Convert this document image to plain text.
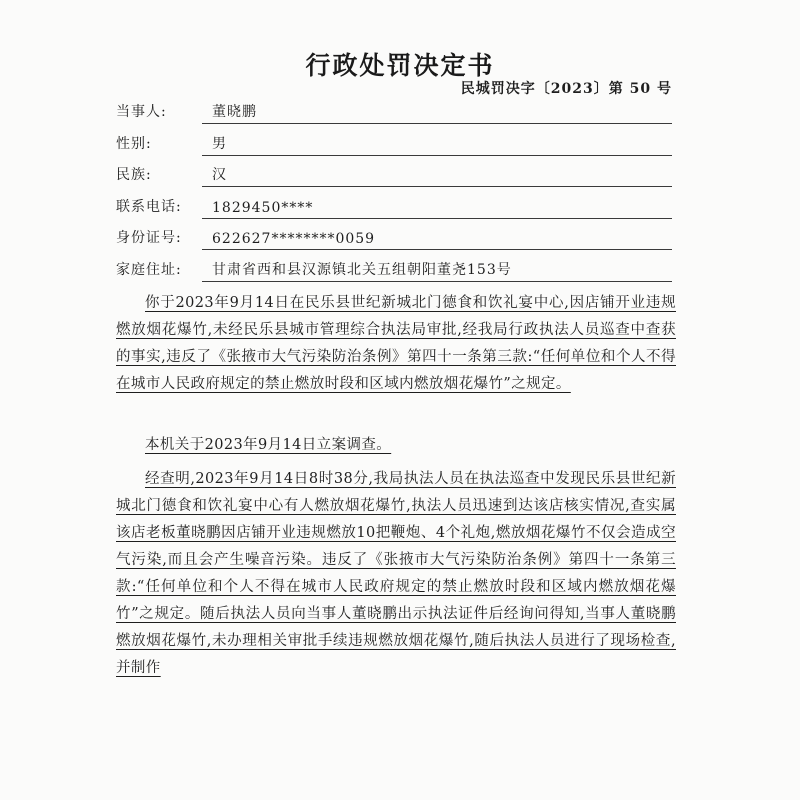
行政处罚决定书
民城罚决字〔2023〕第 50 号
当事人:	董晓鹏
性别:	男
民族:	汉
联系电话: 1829450****
身份证号: 622627********0059
家庭住址: 甘肃省西和县汉源镇北关五组朝阳董尧153号
你于2023年9月14日在民乐县世纪新城北门德食和饮礼宴中心,因店铺开业违规燃放烟花爆竹,未经民乐县城市管理综合执法局审批,经我局行政执法人员巡查中查获的事实,违反了《张掖市大气污染防治条例》第四十一条第三款:“任何单位和个人不得在城市人民政府规定的禁止燃放时段和区域内燃放烟花爆竹”之规定。
本机关于2023年9月14日立案调查。
经查明,2023年9月14日8时38分,我局执法人员在执法巡查中发现民乐县世纪新城北门德食和饮礼宴中心有人燃放烟花爆竹,执法人员迅速到达该店核实情况,查实属该店老板董晓鹏因店铺开业违规燃放10把鞭炮、4个礼炮,燃放烟花爆竹不仅会造成空气污染,而且会产生噪音污染。违反了《张掖市大气污染防治条例》第四十一条第三款:“任何单位和个人不得在城市人民政府规定的禁止燃放时段和区域内燃放烟花爆竹”之规定。随后执法人员向当事人董晓鹏出示执法证件后经询问得知,当事人董晓鹏燃放烟花爆竹,未办理相关审批手续违规燃放烟花爆竹,随后执法人员进行了现场检查,并制作
